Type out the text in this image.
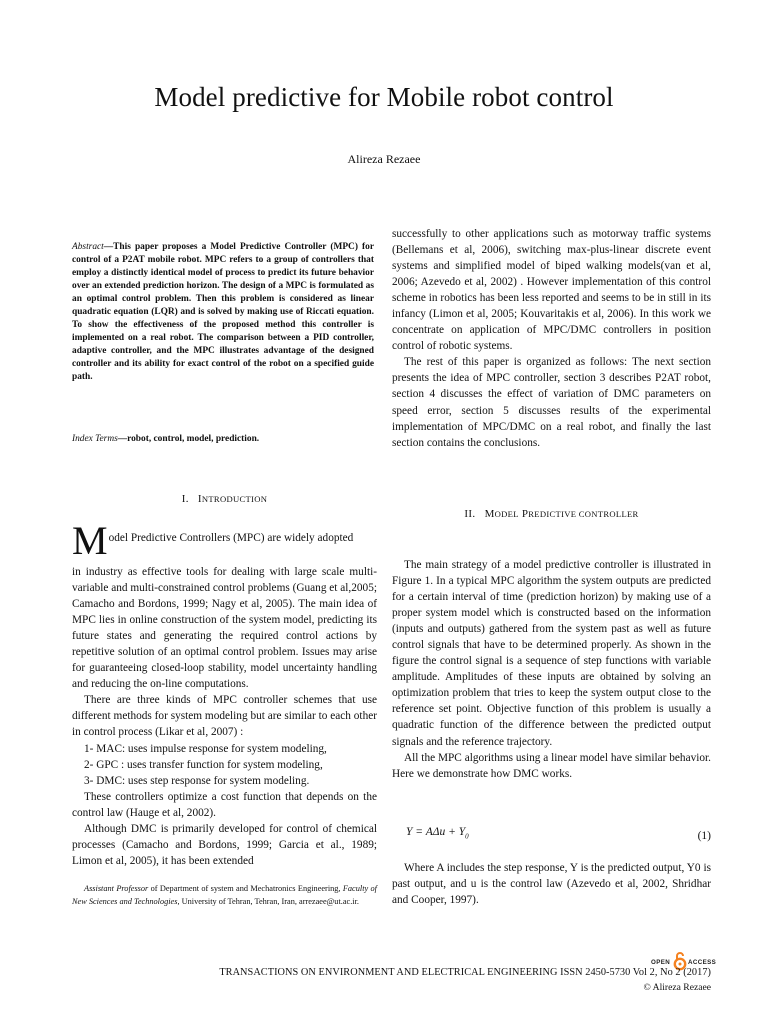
Model predictive for Mobile robot control
Alireza Rezaee
Abstract—This paper proposes a Model Predictive Controller (MPC) for control of a P2AT mobile robot. MPC refers to a group of controllers that employ a distinctly identical model of process to predict its future behavior over an extended prediction horizon. The design of a MPC is formulated as an optimal control problem. Then this problem is considered as linear quadratic equation (LQR) and is solved by making use of Riccati equation. To show the effectiveness of the proposed method this controller is implemented on a real robot. The comparison between a PID controller, adaptive controller, and the MPC illustrates advantage of the designed controller and its ability for exact control of the robot on a specified guide path.
Index Terms—robot, control, model, prediction.
I. INTRODUCTION

M odel Predictive Controllers (MPC) are widely adopted

in industry as effective tools for dealing with large scale multi-variable and multi-constrained control problems (Guang et al,2005; Camacho and Bordons, 1999; Nagy et al, 2005). The main idea of MPC lies in online construction of the system model, predicting its future states and generating the required control actions by repetitive solution of an optimal control problem. Issues may arise for guaranteeing closed-loop stability, model uncertainty handling and reducing the on-line computations.

There are three kinds of MPC controller schemes that use different methods for system modeling but are similar to each other in control process (Likar et al, 2007) :

1- MAC: uses impulse response for system modeling,

2- GPC : uses transfer function for system modeling,

3- DMC: uses step response for system modeling.

These controllers optimize a cost function that depends on the control law (Hauge et al, 2002).

Although DMC is primarily developed for control of chemical processes (Camacho and Bordons, 1999; Garcia et al., 1989; Limon et al, 2005), it has been extended

Assistant Professor of Department of system and Mechatronics Engineering, Faculty of New Sciences and Technologies, University of Tehran, Tehran, Iran, arrezaee@ut.ac.ir.

successfully to other applications such as motorway traffic systems (Bellemans et al, 2006), switching max-plus-linear discrete event systems and simplified model of biped walking models(van et al, 2006; Azevedo et al, 2002) . However implementation of this control scheme in robotics has been less reported and seems to be in still in its infancy (Limon et al, 2005; Kouvaritakis et al, 2006). In this work we concentrate on application of MPC/DMC controllers in position control of robotic systems.

The rest of this paper is organized as follows: The next section presents the idea of MPC controller, section 3 describes P2AT robot, section 4 discusses the effect of variation of DMC parameters on speed error, section 5 discusses results of the experimental implementation of MPC/DMC on a real robot, and finally the last section contains the conclusions.

II. MODEL PREDICTIVE CONTROLLER

The main strategy of a model predictive controller is illustrated in Figure 1. In a typical MPC algorithm the system outputs are predicted for a certain interval of time (prediction horizon) by making use of a proper system model which is constructed based on the information (inputs and outputs) gathered from the system past as well as future control signals that have to be determined properly. As shown in the figure the control signal is a sequence of step functions with variable amplitude. Amplitudes of these inputs are obtained by solving an optimization problem that tries to keep the system output close to the reference set point. Objective function of this problem is usually a quadratic function of the difference between the predicted output signals and the reference trajectory.

All the MPC algorithms using a linear model have similar behavior. Here we demonstrate how DMC works.

$Y = A\Delta u + Y_0$	(1)

Where A includes the step response, Y is the predicted output, Y0 is past output, and u is the control law (Azevedo et al, 2002, Shridhar and Cooper, 1997).

OPEN	ACCESS
TRANSACTIONS ON ENVIRONMENT AND ELECTRICAL ENGINEERING ISSN 2450-5730 Vol 2, No 2 (2017)
© Alireza Rezaee
